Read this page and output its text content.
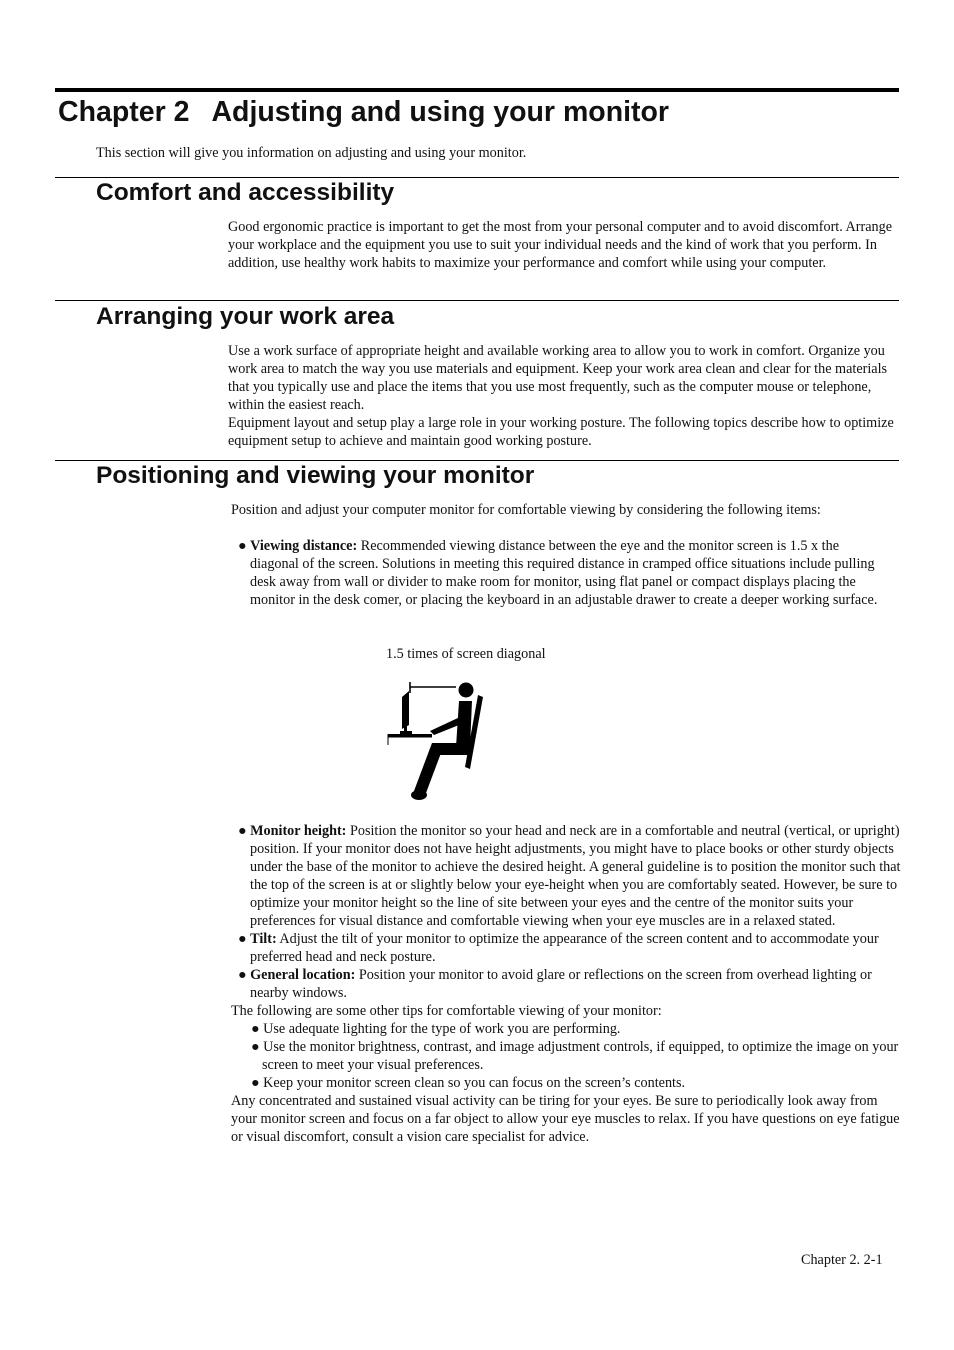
Chapter 2 Adjusting and using your monitor

This section will give you information on adjusting and using your monitor.

Comfort and accessibility

Good ergonomic practice is important to get the most from your personal computer and to avoid discomfort. Arrange your workplace and the equipment you use to suit your individual needs and the kind of work that you perform. In addition, use healthy work habits to maximize your performance and comfort while using your computer.

Arranging your work area

Use a work surface of appropriate height and available working area to allow you to work in comfort. Organize you work area to match the way you use materials and equipment. Keep your work area clean and clear for the materials that you typically use and place the items that you use most frequently, such as the computer mouse or telephone, within the easiest reach.

Equipment layout and setup play a large role in your working posture. The following topics describe how to optimize equipment setup to achieve and maintain good working posture.

Positioning and viewing your monitor

Position and adjust your computer monitor for comfortable viewing by considering the following items:

● Viewing distance: Recommended viewing distance between the eye and the monitor screen is 1.5 x the diagonal of the screen. Solutions in meeting this required distance in cramped office situations include pulling desk away from wall or divider to make room for monitor, using flat panel or compact displays placing the monitor in the desk comer, or placing the keyboard in an adjustable drawer to create a deeper working surface.

1.5 times of screen diagonal

● Monitor height: Position the monitor so your head and neck are in a comfortable and neutral (vertical, or upright) position. If your monitor does not have height adjustments, you might have to place books or other sturdy objects under the base of the monitor to achieve the desired height. A general guideline is to position the monitor such that the top of the screen is at or slightly below your eye-height when you are comfortably seated. However, be sure to optimize your monitor height so the line of site between your eyes and the centre of the monitor suits your preferences for visual distance and comfortable viewing when your eye muscles are in a relaxed stated.

● Tilt: Adjust the tilt of your monitor to optimize the appearance of the screen content and to accommodate your preferred head and neck posture.

● General location: Position your monitor to avoid glare or reflections on the screen from overhead lighting or nearby windows.

The following are some other tips for comfortable viewing of your monitor:

● Use adequate lighting for the type of work you are performing.

● Use the monitor brightness, contrast, and image adjustment controls, if equipped, to optimize the image on your screen to meet your visual preferences.

● Keep your monitor screen clean so you can focus on the screen’s contents.

Any concentrated and sustained visual activity can be tiring for your eyes. Be sure to periodically look away from your monitor screen and focus on a far object to allow your eye muscles to relax. If you have questions on eye fatigue or visual discomfort, consult a vision care specialist for advice.

Chapter 2. 2-1
